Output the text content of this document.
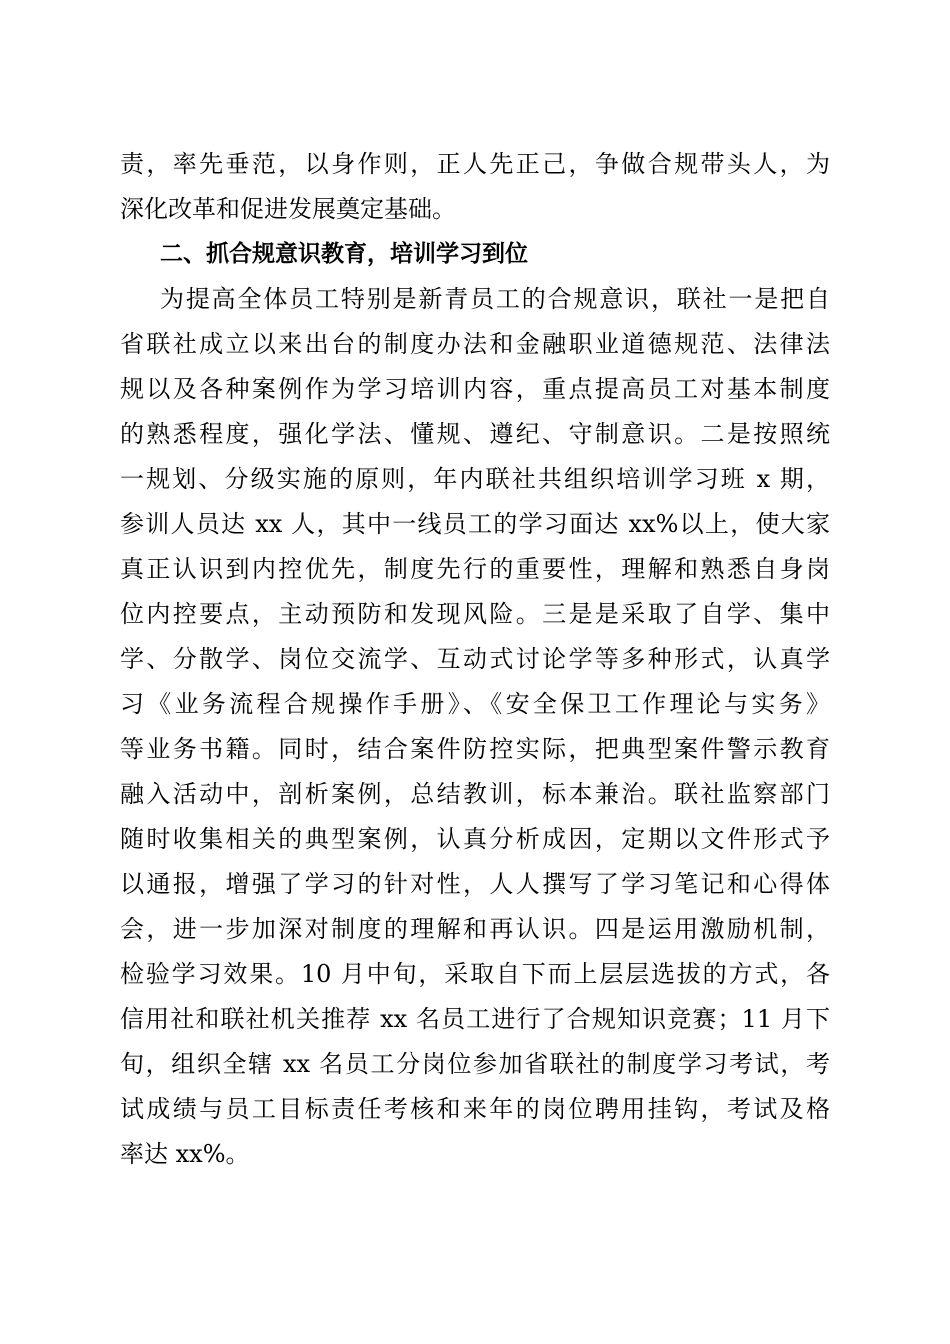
责，率先垂范，以身作则，正人先正己，争做合规带头人，为
深化改革和促进发展奠定基础。
二、抓合规意识教育，培训学习到位
为提高全体员工特别是新青员工的合规意识，联社一是把自
省联社成立以来出台的制度办法和金融职业道德规范、法律法
规以及各种案例作为学习培训内容，重点提高员工对基本制度
的熟悉程度，强化学法、懂规、遵纪、守制意识。二是按照统
一规划、分级实施的原则，年内联社共组织培训学习班 x 期，
参训人员达 xx 人，其中一线员工的学习面达 xx%以上，使大家
真正认识到内控优先，制度先行的重要性，理解和熟悉自身岗
位内控要点，主动预防和发现风险。三是是采取了自学、集中
学、分散学、岗位交流学、互动式讨论学等多种形式，认真学
习《业务流程合规操作手册》、《安全保卫工作理论与实务》
等业务书籍。同时，结合案件防控实际，把典型案件警示教育
融入活动中，剖析案例，总结教训，标本兼治。联社监察部门
随时收集相关的典型案例，认真分析成因，定期以文件形式予
以通报，增强了学习的针对性，人人撰写了学习笔记和心得体
会，进一步加深对制度的理解和再认识。四是运用激励机制，
检验学习效果。10 月中旬，采取自下而上层层选拔的方式，各
信用社和联社机关推荐 xx 名员工进行了合规知识竞赛；11 月下
旬，组织全辖 xx 名员工分岗位参加省联社的制度学习考试，考
试成绩与员工目标责任考核和来年的岗位聘用挂钩，考试及格
率达 xx%。
